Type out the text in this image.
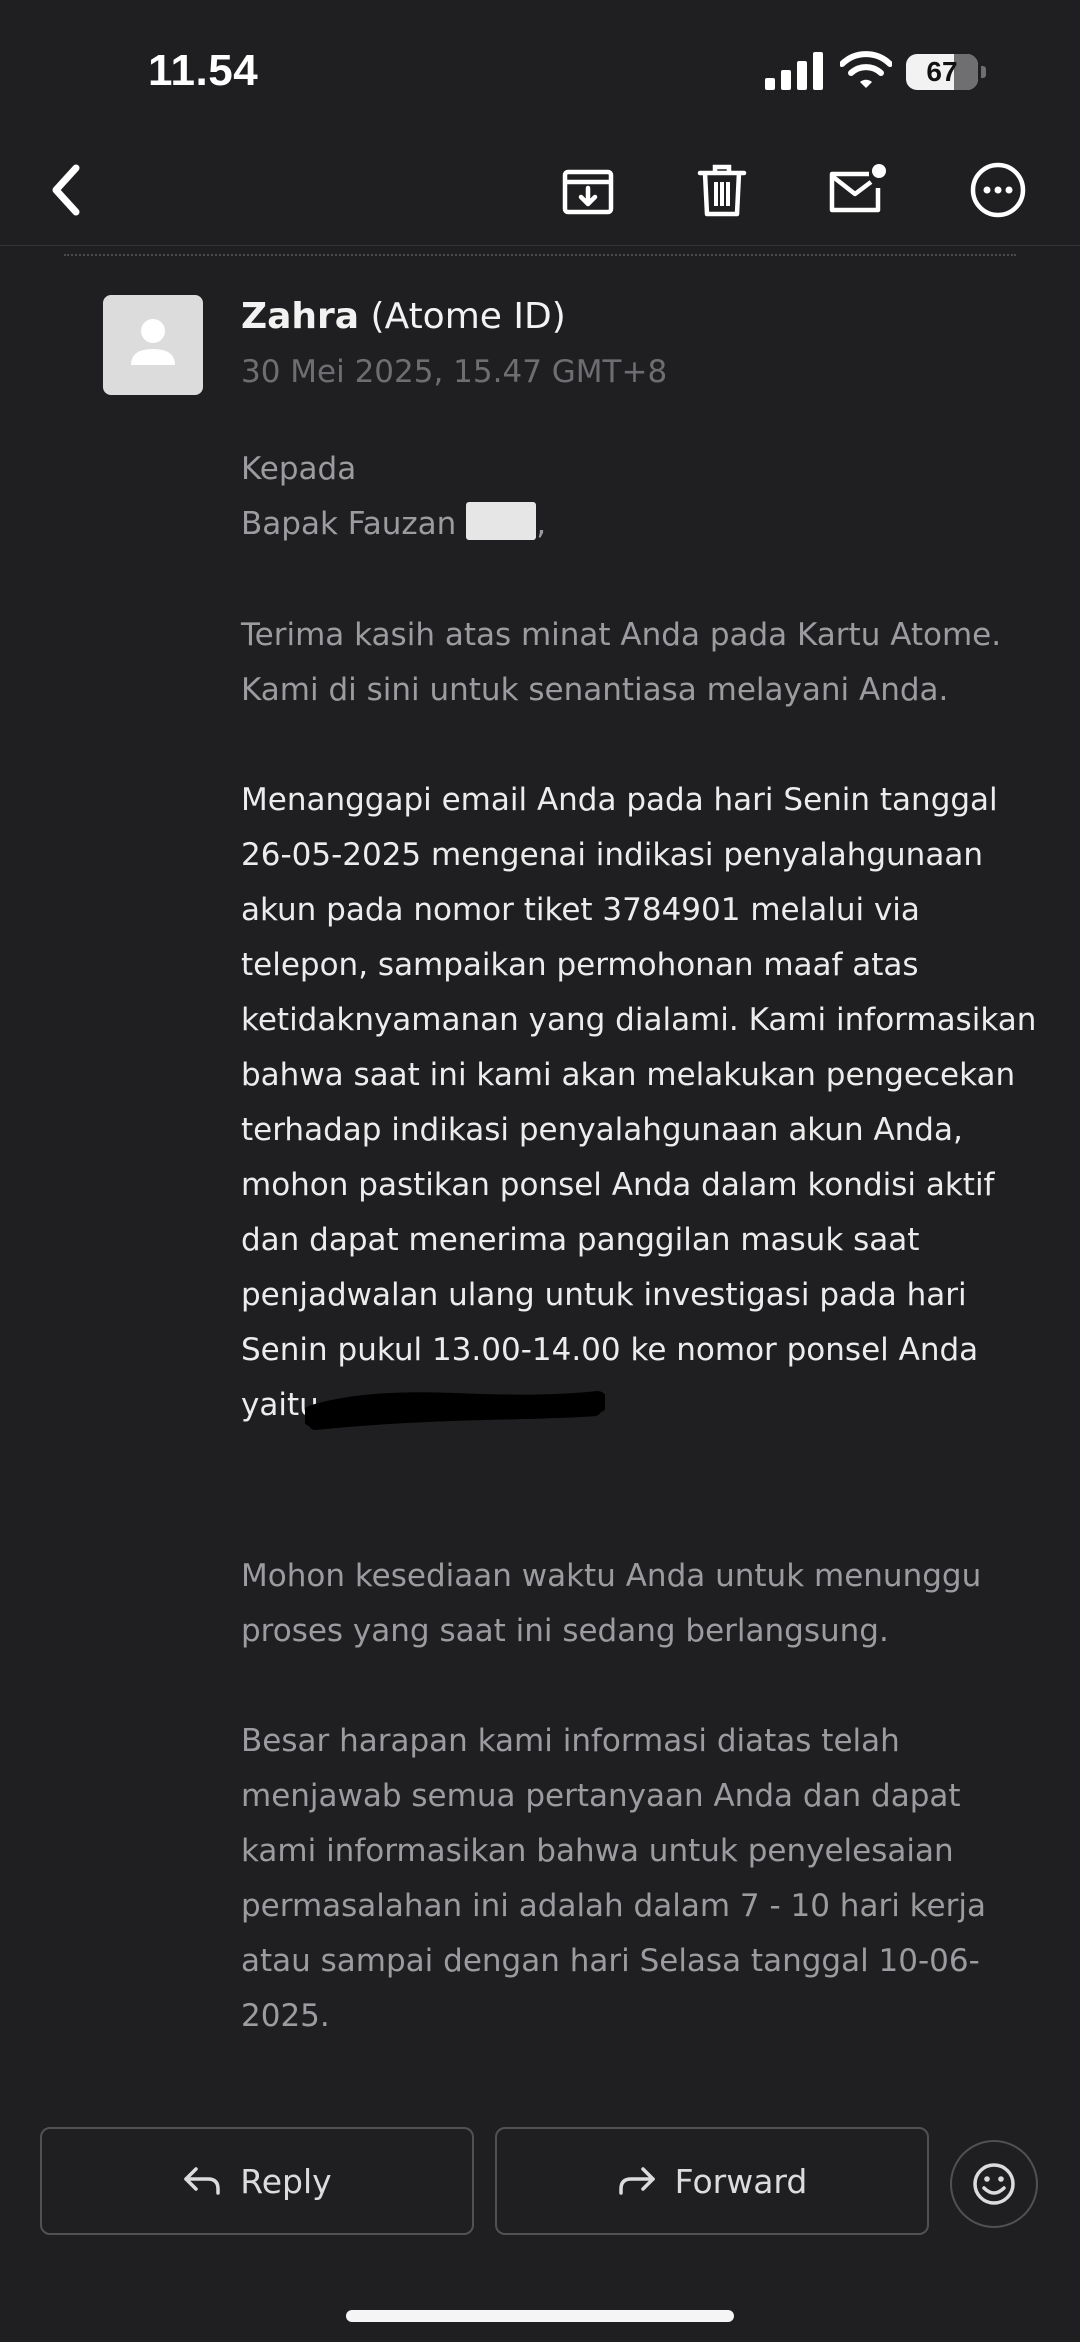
11.54	67
Zahra (Atome ID)
30 Mei 2025, 15.47 GMT+8
Kepada
Bapak Fauzan	,
Terima kasih atas minat Anda pada Kartu Atome.
Kami di sini untuk senantiasa melayani Anda.
Menanggapi email Anda pada hari Senin tanggal
26-05-2025 mengenai indikasi penyalahgunaan
akun pada nomor tiket 3784901 melalui via
telepon, sampaikan permohonan maaf atas
ketidaknyamanan yang dialami. Kami informasikan
bahwa saat ini kami akan melakukan pengecekan
terhadap indikasi penyalahgunaan akun Anda,
mohon pastikan ponsel Anda dalam kondisi aktif
dan dapat menerima panggilan masuk saat
penjadwalan ulang untuk investigasi pada hari
Senin pukul 13.00-14.00 ke nomor ponsel Anda
yaitu
Mohon kesediaan waktu Anda untuk menunggu
proses yang saat ini sedang berlangsung.
Besar harapan kami informasi diatas telah
menjawab semua pertanyaan Anda dan dapat
kami informasikan bahwa untuk penyelesaian
permasalahan ini adalah dalam 7 - 10 hari kerja
atau sampai dengan hari Selasa tanggal 10-06-
2025.
Reply	Forward
